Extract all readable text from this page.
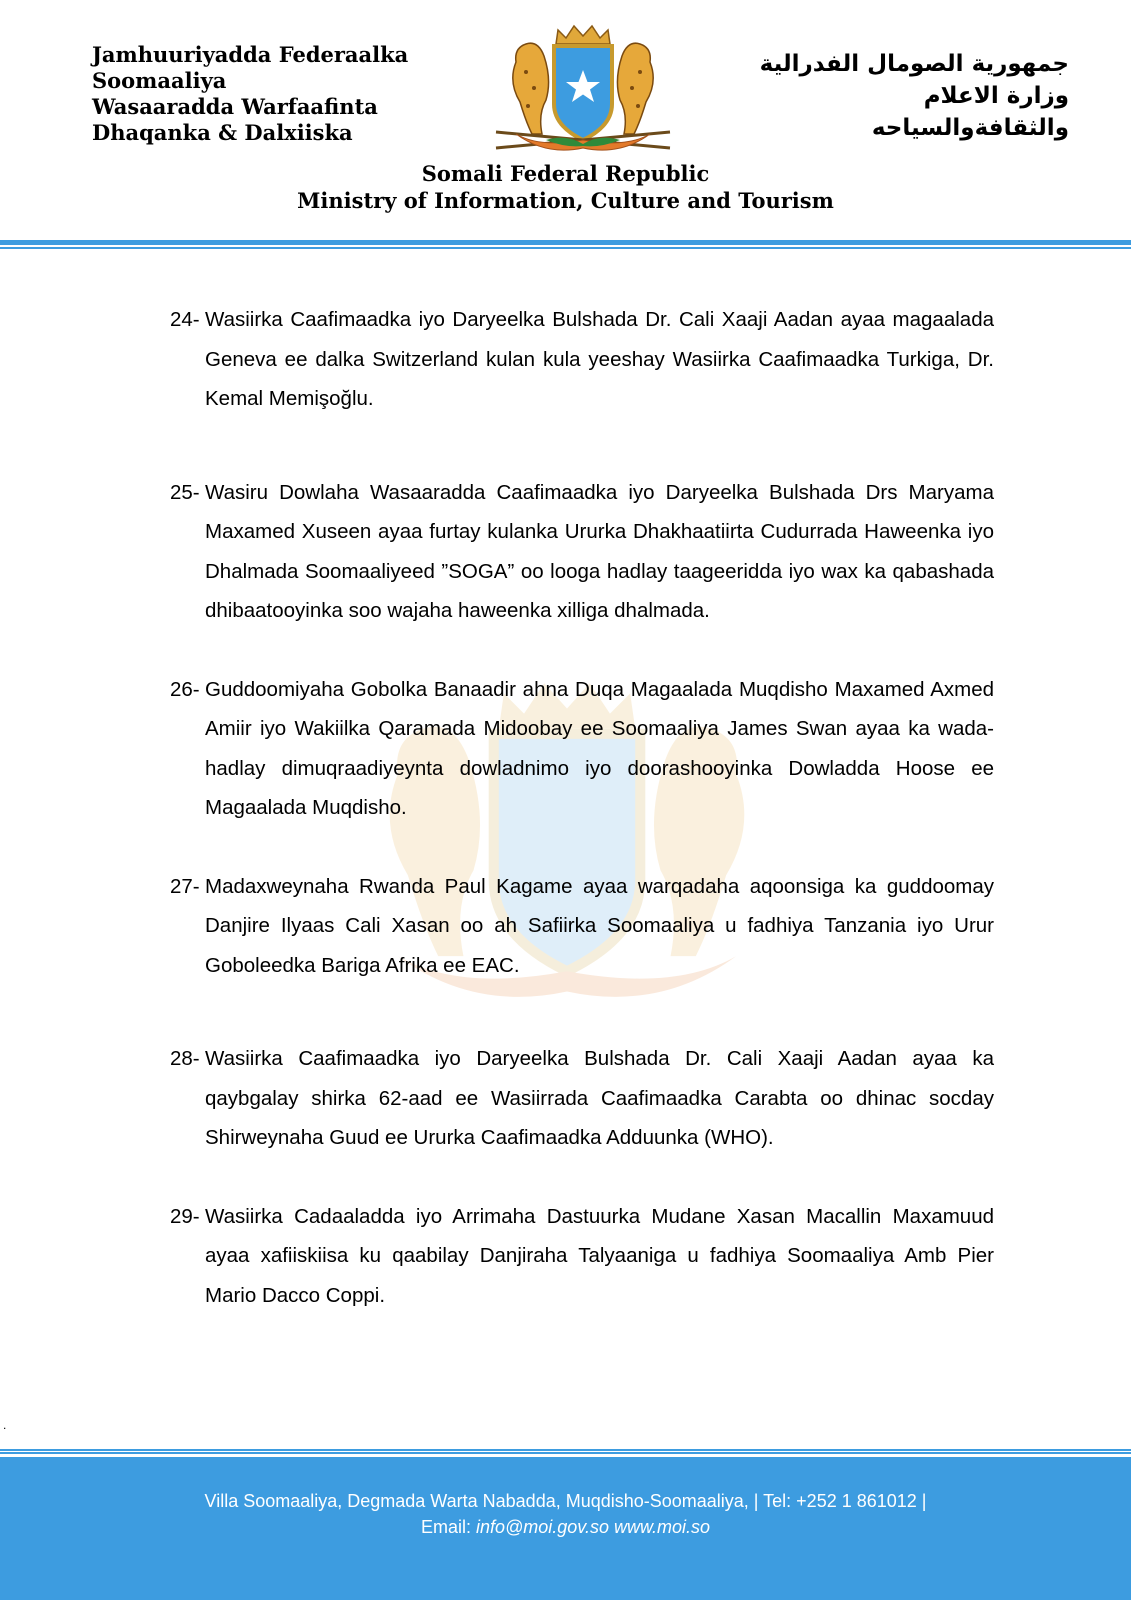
Jamhuuriyadda Federaalka
Soomaaliya
Wasaaradda Warfaafinta
Dhaqanka & Dalxiiska
جمهورية الصومال الفدرالية
وزارة الاعلام
والثقافةوالسياحه
Somali Federal Republic
Ministry of Information, Culture and Tourism
24- Wasiirka Caafimaadka iyo Daryeelka Bulshada Dr. Cali Xaaji Aadan ayaa magaalada Geneva ee dalka Switzerland kulan kula yeeshay Wasiirka Caafimaadka Turkiga, Dr. Kemal Memişoğlu.
25- Wasiru Dowlaha Wasaaradda Caafimaadka iyo Daryeelka Bulshada Drs Maryama Maxamed Xuseen ayaa furtay kulanka Ururka Dhakhaatiirta Cudurrada Haweenka iyo Dhalmada Soomaaliyeed ”SOGA” oo looga hadlay taageeridda iyo wax ka qabashada dhibaatooyinka soo wajaha haweenka xilliga dhalmada.
26- Guddoomiyaha Gobolka Banaadir ahna Duqa Magaalada Muqdisho Maxamed Axmed Amiir iyo Wakiilka Qaramada Midoobay ee Soomaaliya James Swan ayaa ka wada-hadlay dimuqraadiyeynta dowladnimo iyo doorashooyinka Dowladda Hoose ee Magaalada Muqdisho.
27- Madaxweynaha Rwanda Paul Kagame ayaa warqadaha aqoonsiga ka guddoomay Danjire Ilyaas Cali Xasan oo ah Safiirka Soomaaliya u fadhiya Tanzania iyo Urur Goboleedka Bariga Afrika ee EAC.
28- Wasiirka Caafimaadka iyo Daryeelka Bulshada Dr. Cali Xaaji Aadan ayaa ka qaybgalay shirka 62-aad ee Wasiirrada Caafimaadka Carabta oo dhinac socday Shirweynaha Guud ee Ururka Caafimaadka Adduunka (WHO).
29- Wasiirka Cadaaladda iyo Arrimaha Dastuurka Mudane Xasan Macallin Maxamuud ayaa xafiiskiisa ku qaabilay Danjiraha Talyaaniga u fadhiya Soomaaliya Amb Pier Mario Dacco Coppi.
.
Villa Soomaaliya, Degmada Warta Nabadda, Muqdisho-Soomaaliya, | Tel: +252 1 861012 |
Email: info@moi.gov.so www.moi.so
